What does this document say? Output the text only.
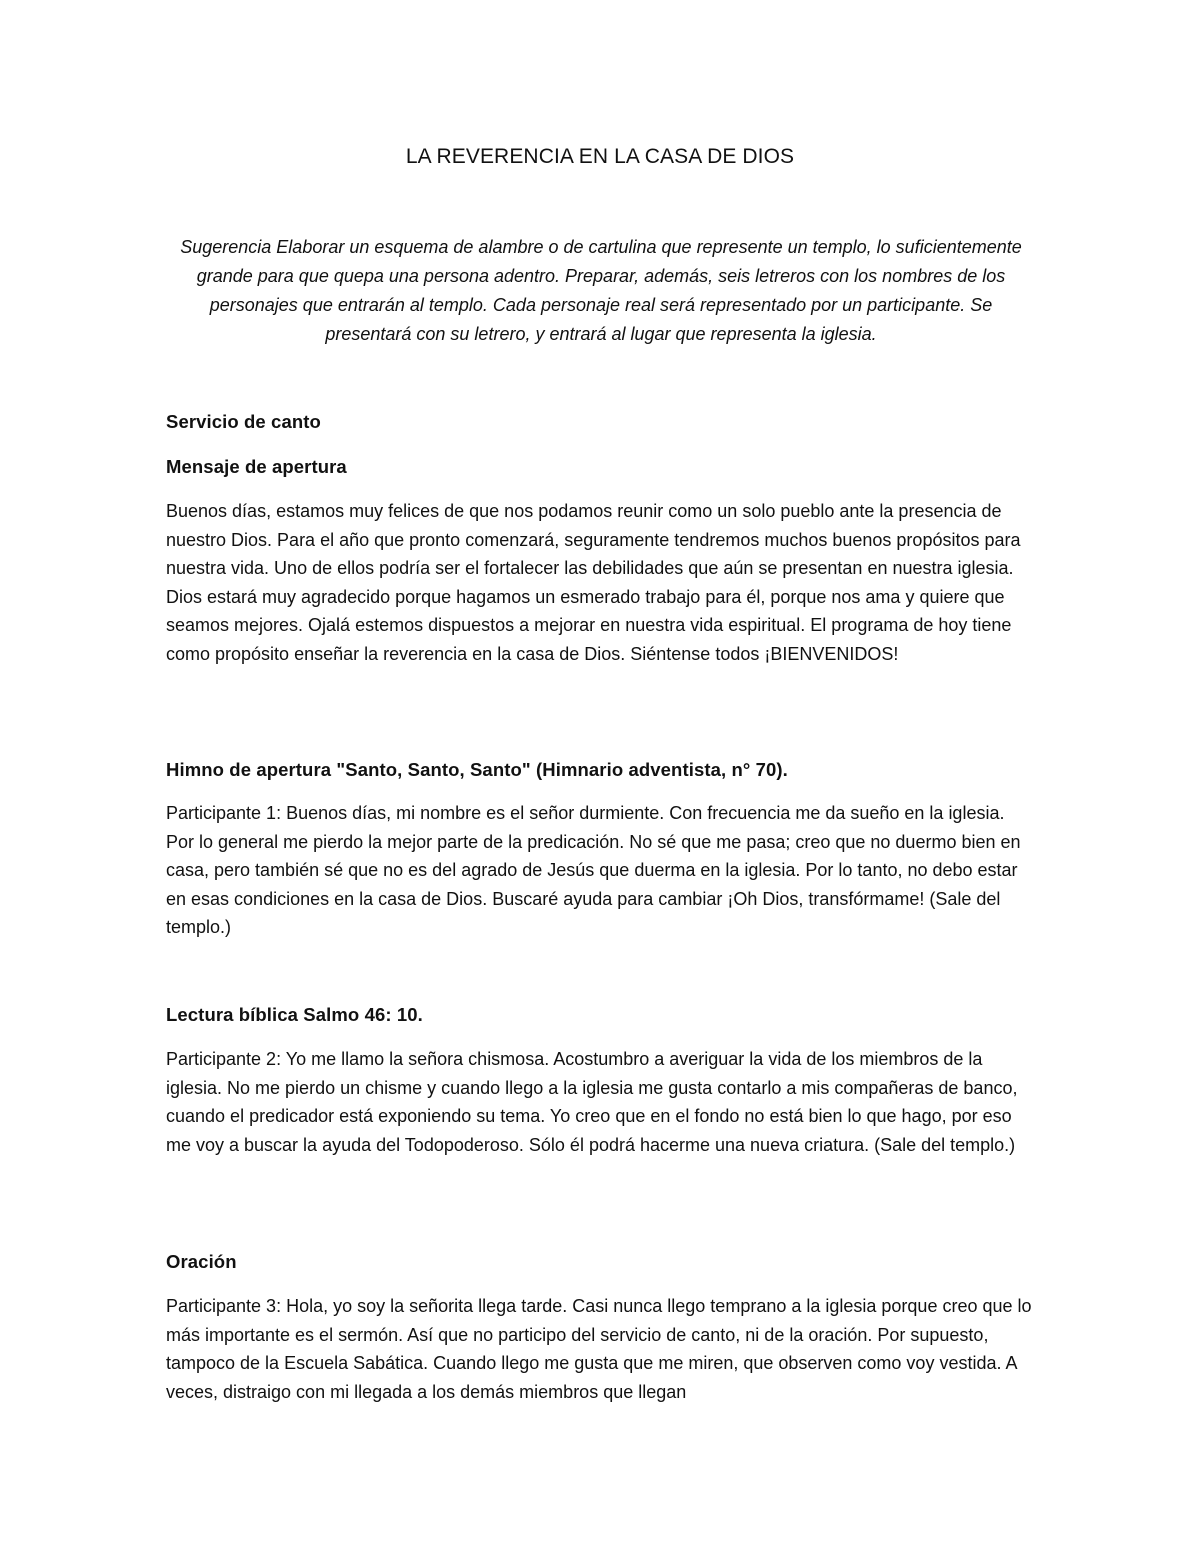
LA REVERENCIA EN LA CASA DE DIOS
Sugerencia Elaborar un esquema de alambre o de cartulina que represente un templo, lo suficientemente grande para que quepa una persona adentro. Preparar, además, seis letreros con los nombres de los personajes que entrarán al templo. Cada personaje real será representado por un participante. Se presentará con su letrero, y entrará al lugar que representa la iglesia.
Servicio de canto
Mensaje de apertura
Buenos días, estamos muy felices de que nos podamos reunir como un solo pueblo ante la presencia de nuestro Dios. Para el año que pronto comenzará, seguramente tendremos muchos buenos propósitos para nuestra vida. Uno de ellos podría ser el fortalecer las debilidades que aún se presentan en nuestra iglesia. Dios estará muy agradecido porque hagamos un esmerado trabajo para él, porque nos ama y quiere que seamos mejores. Ojalá estemos dispuestos a mejorar en nuestra vida espiritual. El programa de hoy tiene como propósito enseñar la reverencia en la casa de Dios. Siéntense todos ¡BIENVENIDOS!
Himno de apertura "Santo, Santo, Santo" (Himnario adventista, n° 70).
Participante 1: Buenos días, mi nombre es el señor durmiente. Con frecuencia me da sueño en la iglesia. Por lo general me pierdo la mejor parte de la predicación. No sé que me pasa; creo que no duermo bien en casa, pero también sé que no es del agrado de Jesús que duerma en la iglesia. Por lo tanto, no debo estar en esas condiciones en la casa de Dios. Buscaré ayuda para cambiar ¡Oh Dios, transfórmame! (Sale del templo.)
Lectura bíblica Salmo 46: 10.
Participante 2: Yo me llamo la señora chismosa. Acostumbro a averiguar la vida de los miembros de la iglesia. No me pierdo un chisme y cuando llego a la iglesia me gusta contarlo a mis compañeras de banco, cuando el predicador está exponiendo su tema. Yo creo que en el fondo no está bien lo que hago, por eso me voy a buscar la ayuda del Todopoderoso. Sólo él podrá hacerme una nueva criatura. (Sale del templo.)
Oración
Participante 3: Hola, yo soy la señorita llega tarde. Casi nunca llego temprano a la iglesia porque creo que lo más importante es el sermón. Así que no participo del servicio de canto, ni de la oración. Por supuesto, tampoco de la Escuela Sabática. Cuando llego me gusta que me miren, que observen como voy vestida. A veces, distraigo con mi llegada a los demás miembros que llegan
